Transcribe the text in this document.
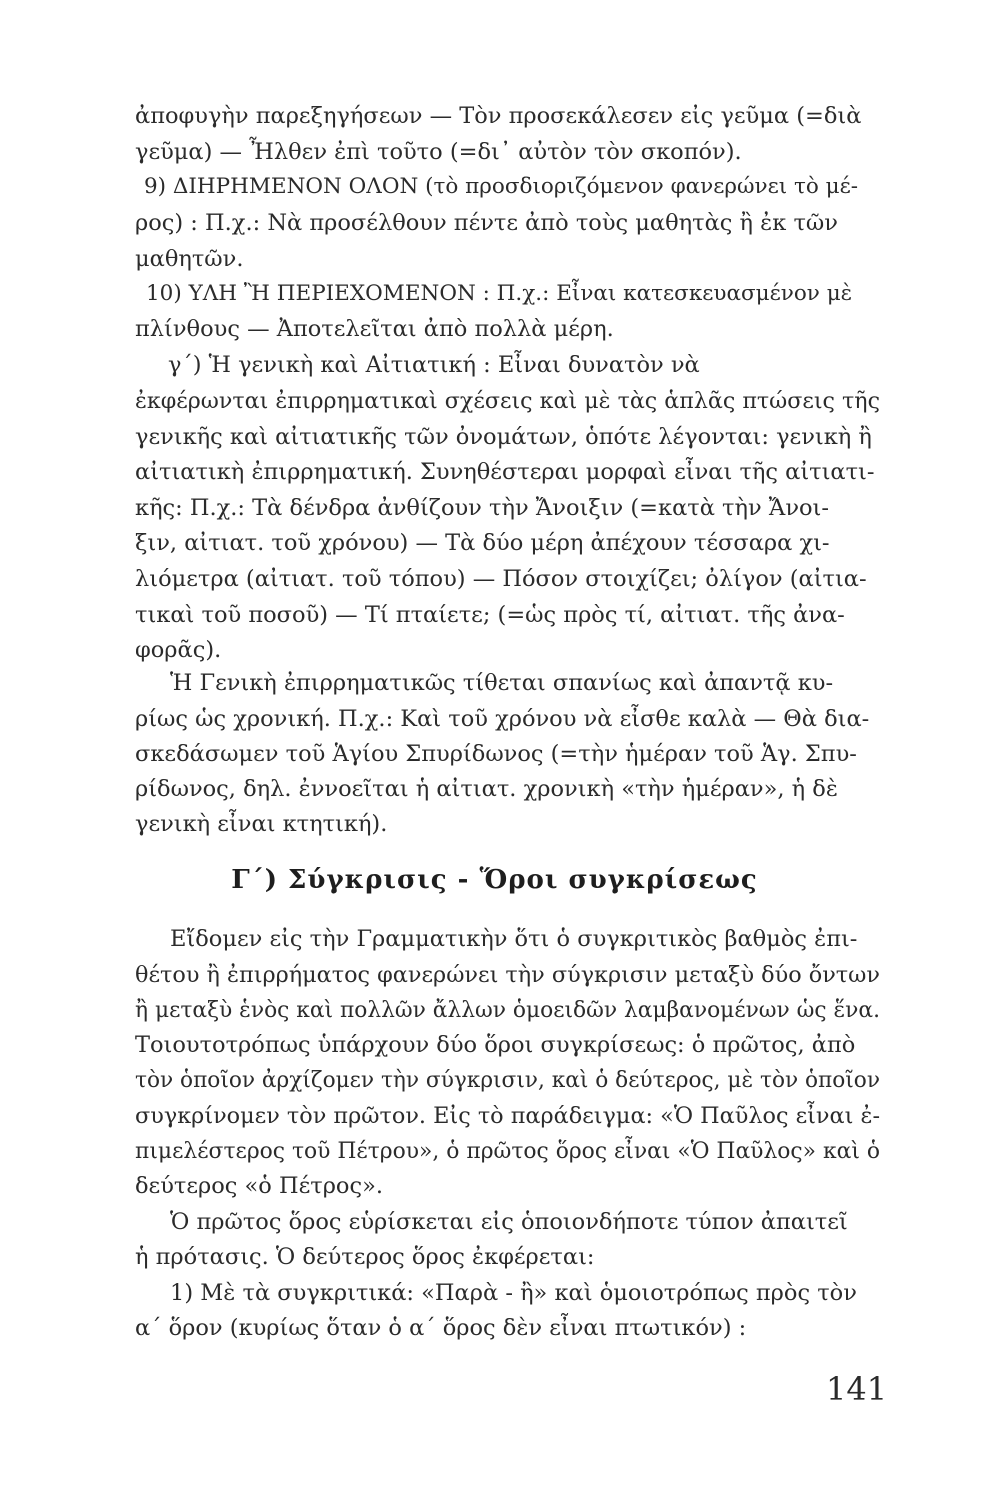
ἀποφυγὴν παρεξηγήσεων — Τὸν προσεκάλεσεν εἰς γεῦμα (=διὰ
γεῦμα) — Ἦλθεν ἐπὶ τοῦτο (=δι᾿ αὐτὸν τὸν σκοπόν).
9) ΔΙΗΡΗΜΕΝΟΝ ΟΛΟΝ (τὸ προσδιοριζόμενον φανερώνει τὸ μέ-
ρος) : Π.χ.: Νὰ προσέλθουν πέντε ἀπὸ τοὺς μαθητὰς ἢ ἐκ τῶν
μαθητῶν.
10) ΥΛΗ Ἢ ΠΕΡΙΕΧΟΜΕΝΟΝ : Π.χ.: Εἶναι κατεσκευασμένον μὲ
πλίνθους — Ἀποτελεῖται ἀπὸ πολλὰ μέρη.
γ´) Ἡ γενικὴ καὶ Αἰτιατική : Εἶναι δυνατὸν νὰ
ἐκφέρωνται ἐπιρρηματικαὶ σχέσεις καὶ μὲ τὰς ἁπλᾶς πτώσεις τῆς
γενικῆς καὶ αἰτιατικῆς τῶν ὀνομάτων, ὁπότε λέγονται: γενικὴ ἢ
αἰτιατικὴ ἐπιρρηματική. Συνηθέστεραι μορφαὶ εἶναι τῆς αἰτιατι-
κῆς: Π.χ.: Τὰ δένδρα ἀνθίζουν τὴν Ἄνοιξιν (=κατὰ τὴν Ἄνοι-
ξιν, αἰτιατ. τοῦ χρόνου) — Τὰ δύο μέρη ἀπέχουν τέσσαρα χι-
λιόμετρα (αἰτιατ. τοῦ τόπου) — Πόσον στοιχίζει; ὀλίγον (αἰτια-
τικαὶ τοῦ ποσοῦ) — Τί πταίετε; (=ὡς πρὸς τί, αἰτιατ. τῆς ἀνα-
φορᾶς).
Ἡ Γενικὴ ἐπιρρηματικῶς τίθεται σπανίως καὶ ἀπαντᾷ κυ-
ρίως ὡς χρονική. Π.χ.: Καὶ τοῦ χρόνου νὰ εἶσθε καλὰ — Θὰ δια-
σκεδάσωμεν τοῦ Ἁγίου Σπυρίδωνος (=τὴν ἡμέραν τοῦ Ἁγ. Σπυ-
ρίδωνος, δηλ. ἐννοεῖται ἡ αἰτιατ. χρονικὴ «τὴν ἡμέραν», ἡ δὲ
γενικὴ εἶναι κτητική).
Γ´) Σύγκρισις - Ὅροι συγκρίσεως
Εἴδομεν εἰς τὴν Γραμματικὴν ὅτι ὁ συγκριτικὸς βαθμὸς ἐπι-
θέτου ἢ ἐπιρρήματος φανερώνει τὴν σύγκρισιν μεταξὺ δύο ὄντων
ἢ μεταξὺ ἑνὸς καὶ πολλῶν ἄλλων ὁμοειδῶν λαμβανομένων ὡς ἕνα.
Τοιουτοτρόπως ὑπάρχουν δύο ὅροι συγκρίσεως: ὁ πρῶτος, ἀπὸ
τὸν ὁποῖον ἀρχίζομεν τὴν σύγκρισιν, καὶ ὁ δεύτερος, μὲ τὸν ὁποῖον
συγκρίνομεν τὸν πρῶτον. Εἰς τὸ παράδειγμα: «Ὁ Παῦλος εἶναι ἐ-
πιμελέστερος τοῦ Πέτρου», ὁ πρῶτος ὅρος εἶναι «Ὁ Παῦλος» καὶ ὁ
δεύτερος «ὁ Πέτρος».
Ὁ πρῶτος ὅρος εὑρίσκεται εἰς ὁποιονδήποτε τύπον ἀπαιτεῖ
ἡ πρότασις. Ὁ δεύτερος ὅρος ἐκφέρεται:
1) Μὲ τὰ συγκριτικά: «Παρὰ - ἢ» καὶ ὁμοιοτρόπως πρὸς τὸν
α´ ὅρον (κυρίως ὅταν ὁ α´ ὅρος δὲν εἶναι πτωτικόν) :
141
